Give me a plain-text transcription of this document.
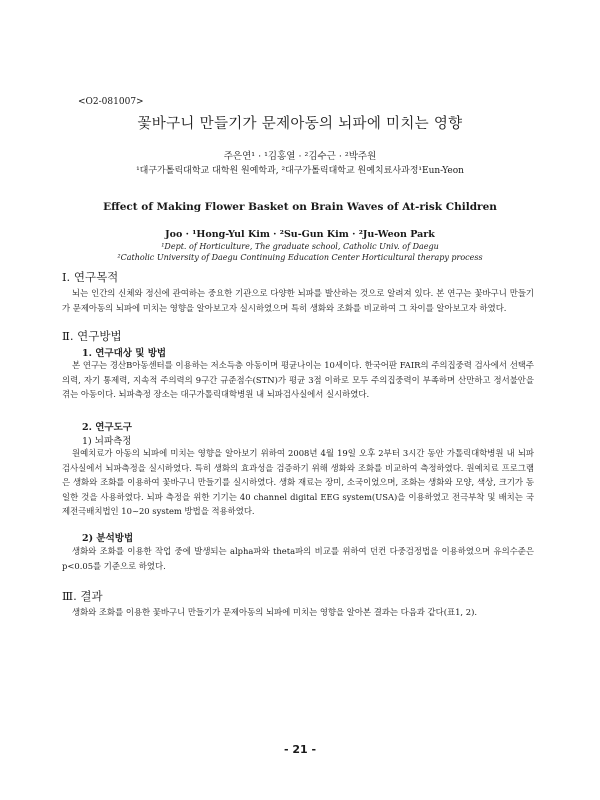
<O2-081007>
꽃바구니 만들기가 문제아동의 뇌파에 미치는 영향
주은연¹ · ¹김홍열 · ²김수근 · ²박주원
¹대구가톨릭대학교 대학원 원예학과, ²대구가톨릭대학교 원예치료사과정¹Eun-Yeon
Effect of Making Flower Basket on Brain Waves of At-risk Children
Joo · ¹Hong-Yul Kim · ²Su-Gun Kim · ²Ju-Weon Park
¹Dept. of Horticulture, The graduate school, Catholic Univ. of Daegu
²Catholic University of Daegu Continuing Education Center Horticultural therapy process
Ⅰ. 연구목적

뇌는 인간의 신체와 정신에 관여하는 중요한 기관으로 다양한 뇌파를 발산하는 것으로 알려져 있다. 본 연구는 꽃바구니 만들기가 문제아동의 뇌파에 미치는 영향을 알아보고자 실시하였으며 특히 생화와 조화를 비교하여 그 차이를 알아보고자 하였다.

Ⅱ. 연구방법
1. 연구대상 및 방법

본 연구는 경산B아동센터를 이용하는 저소득층 아동이며 평균나이는 10세이다. 한국어판 FAIR의 주의집중력 검사에서 선택주의력, 자기 통제력, 지속적 주의력의 9구간 규준점수(STN)가 평균 3점 이하로 모두 주의집중력이 부족하며 산만하고 정서불안을 겪는 아동이다. 뇌파측정 장소는 대구가톨릭대학병원 내 뇌파검사실에서 실시하였다.

2. 연구도구
1) 뇌파측정

원예치료가 아동의 뇌파에 미치는 영향을 알아보기 위하여 2008년 4월 19일 오후 2부터 3시간 동안 가톨릭대학병원 내 뇌파검사실에서 뇌파측정을 실시하였다. 특히 생화의 효과성을 검증하기 위해 생화와 조화를 비교하여 측정하였다. 원예치료 프로그램은 생화와 조화를 이용하여 꽃바구니 만들기를 실시하였다. 생화 재료는 장미, 소국이었으며, 조화는 생화와 모양, 색상, 크기가 동일한 것을 사용하였다. 뇌파 측정을 위한 기기는 40 channel digital EEG system(USA)을 이용하였고 전극부착 및 배치는 국제전극배치법인 10~20 system 방법을 적용하였다.

2) 분석방법

생화와 조화를 이용한 작업 중에 발생되는 alpha파와 theta파의 비교를 위하여 던컨 다중검정법을 이용하였으며 유의수준은 p<0.05를 기준으로 하였다.

Ⅲ. 결과

생화와 조화를 이용한 꽃바구니 만들기가 문제아동의 뇌파에 미치는 영향을 알아본 결과는 다음과 같다(표1, 2).

- 21 -
